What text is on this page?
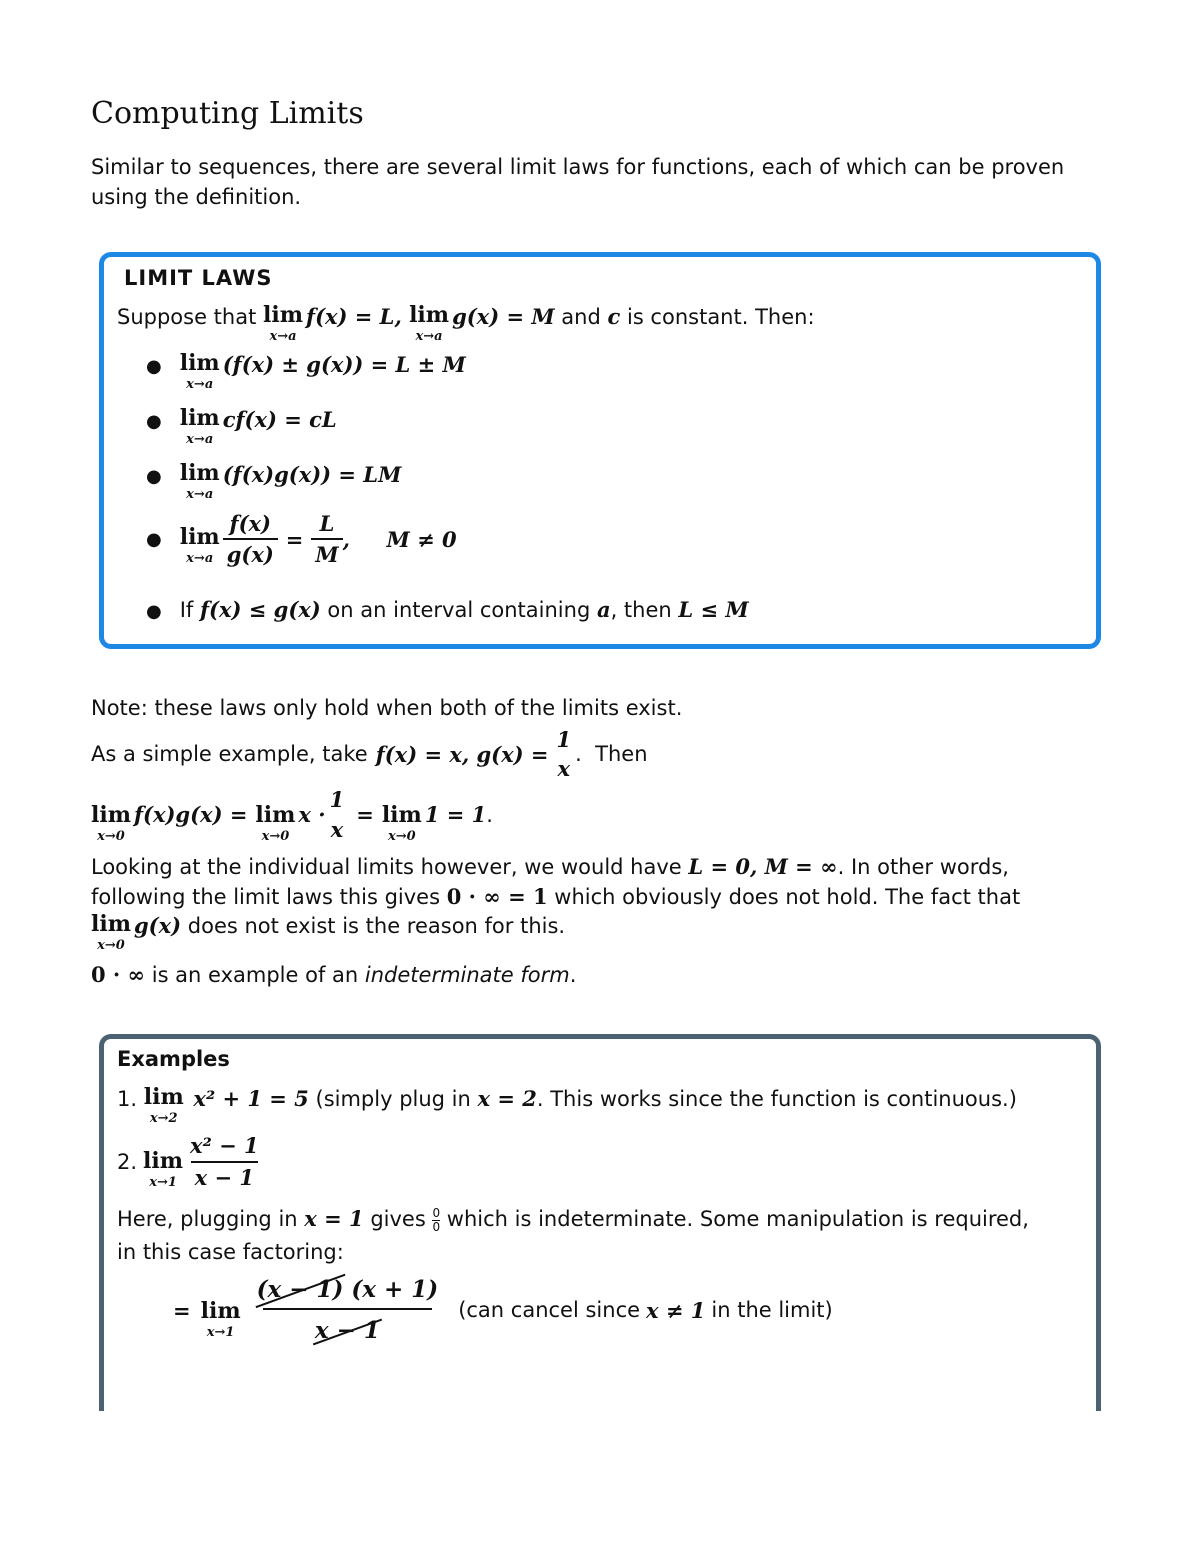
Computing Limits
Similar to sequences, there are several limit laws for functions, each of which can be proven using the definition.
LIMIT LAWS
Suppose that lim
x→a
f(x) = L, lim
x→a
g(x) = M and c is constant. Then:
● lim
x→a
(f(x) ± g(x)) = L ± M
● lim
x→a
cf(x) = cL
● lim
x→a
(f(x)g(x)) = LM
● lim
$x\to a \frac{f(x)}{g(x)} = \frac{L}{M}$ ,     M ≠ 0
● If f(x) ≤ g(x) on an interval containing a, then L ≤ M
Note: these laws only hold when both of the limits exist.
As a simple example, take f(x) = x, g(x) =
1
x
.  Then
lim
x→0
f(x)g(x) = lim
x→0
x ·
1
x
= lim
x→0
1 = 1 .
Looking at the individual limits however, we would have L = 0, M = ∞. In other words,
following the limit laws this gives 0 · ∞ = 1 which obviously does not hold. The fact that
lim
x→0
g(x) does not exist is the reason for this.
0 · ∞ is an example of an indeterminate form.
Examples
1. lim
x→2
x² + 1 = 5 (simply plug in x = 2. This works since the function is continuous.)
2. lim
$x\to 1 \frac{\text{x² − 1}}{x - 1}$
Here, plugging in x = 1 gives $\frac{0}{0}$ which is indeterminate. Some manipulation is required,
in this case factoring:
= lim
$x\to 1 \frac{(x - 1) (x + 1)}{x - 1} (can$ cancel since x ≠ 1 in the limit)
